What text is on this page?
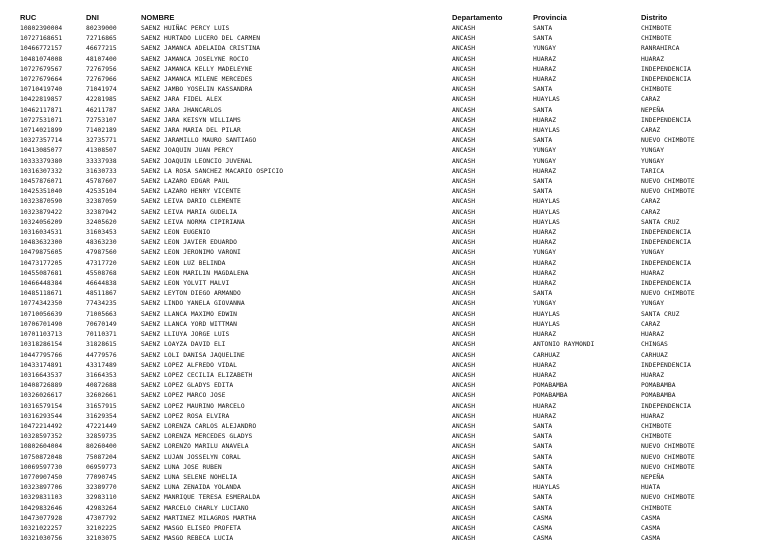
RUC	DNI	NOMBRE	Departamento	Provincia	Distrito
10802390004	80239000	SAENZ HUIÑAC PERCY LUIS	ANCASH	SANTA	CHIMBOTE
10727168651	72716865	SAENZ HURTADO LUCERO DEL CARMEN	ANCASH	SANTA	CHIMBOTE
10466772157	46677215	SAENZ JAMANCA ADELAIDA CRISTINA	ANCASH	YUNGAY	RANRAHIRCA
10481074008	48107400	SAENZ JAMANCA JOSELYNE ROCIO	ANCASH	HUARAZ	HUARAZ
10727679567	72767956	SAENZ JAMANCA KELLY MADELEYNE	ANCASH	HUARAZ	INDEPENDENCIA
10727679664	72767966	SAENZ JAMANCA MILENE MERCEDES	ANCASH	HUARAZ	INDEPENDENCIA
10710419740	71041974	SAENZ JAMBO YOSELIN KASSANDRA	ANCASH	SANTA	CHIMBOTE
10422819857	42281985	SAENZ JARA FIDEL ALEX	ANCASH	HUAYLAS	CARAZ
10462117871	46211787	SAENZ JARA JHANCARLOS	ANCASH	SANTA	NEPEÑA
10727531071	72753107	SAENZ JARA KEISYN WILLIAMS	ANCASH	HUARAZ	INDEPENDENCIA
10714021899	71402189	SAENZ JARA MARIA DEL PILAR	ANCASH	HUAYLAS	CARAZ
10327357714	32735771	SAENZ JARAMILLO MAURO SANTIAGO	ANCASH	SANTA	NUEVO CHIMBOTE
10413085077	41308507	SAENZ JOAQUIN JUAN PERCY	ANCASH	YUNGAY	YUNGAY
10333379380	33337938	SAENZ JOAQUIN LEONCIO JUVENAL	ANCASH	YUNGAY	YUNGAY
10316307332	31630733	SAENZ LA ROSA SANCHEZ MACARIO OSPICIO	ANCASH	HUARAZ	TARICA
10457876071	45787607	SAENZ LAZARO EDGAR PAUL	ANCASH	SANTA	NUEVO CHIMBOTE
10425351040	42535104	SAENZ LAZARO HENRY VICENTE	ANCASH	SANTA	NUEVO CHIMBOTE
10323870590	32387059	SAENZ LEIVA DARIO CLEMENTE	ANCASH	HUAYLAS	CARAZ
10323879422	32387942	SAENZ LEIVA MARIA GUDELIA	ANCASH	HUAYLAS	CARAZ
10324056209	32405620	SAENZ LEIVA NORMA CIPIRIANA	ANCASH	HUAYLAS	SANTA CRUZ
10316034531	31603453	SAENZ LEON EUGENIO	ANCASH	HUARAZ	INDEPENDENCIA
10483632300	48363230	SAENZ LEON JAVIER EDUARDO	ANCASH	HUARAZ	INDEPENDENCIA
10479875605	47987560	SAENZ LEON JERONIMO VARONI	ANCASH	YUNGAY	YUNGAY
10473177205	47317720	SAENZ LEON LUZ BELINDA	ANCASH	HUARAZ	INDEPENDENCIA
10455087681	45508768	SAENZ LEON MARILIN MAGDALENA	ANCASH	HUARAZ	HUARAZ
10466448384	46644838	SAENZ LEON YOLVIT MALVI	ANCASH	HUARAZ	INDEPENDENCIA
10485118671	48511867	SAENZ LEYTON DIEGO ARMANDO	ANCASH	SANTA	NUEVO CHIMBOTE
10774342350	77434235	SAENZ LINDO YANELA GIOVANNA	ANCASH	YUNGAY	YUNGAY
10710056639	71005663	SAENZ LLANCA MAXIMO EDWIN	ANCASH	HUAYLAS	SANTA CRUZ
10706701490	70670149	SAENZ LLANCA YORD WITTMAN	ANCASH	HUAYLAS	CARAZ
10701103713	70110371	SAENZ LLIUYA JORGE LUIS	ANCASH	HUARAZ	HUARAZ
10318286154	31828615	SAENZ LOAYZA DAVID ELI	ANCASH	ANTONIO RAYMONDI	CHINGAS
10447795766	44779576	SAENZ LOLI DANISA JAQUELINE	ANCASH	CARHUAZ	CARHUAZ
10433174891	43317489	SAENZ LOPEZ ALFREDO VIDAL	ANCASH	HUARAZ	INDEPENDENCIA
10316643537	31664353	SAENZ LOPEZ CECILIA ELIZABETH	ANCASH	HUARAZ	HUARAZ
10408726889	40872688	SAENZ LOPEZ GLADYS EDITA	ANCASH	POMABAMBA	POMABAMBA
10326026617	32602661	SAENZ LOPEZ MARCO JOSE	ANCASH	POMABAMBA	POMABAMBA
10316579154	31657915	SAENZ LOPEZ MAURINO MARCELO	ANCASH	HUARAZ	INDEPENDENCIA
10316293544	31629354	SAENZ LOPEZ ROSA ELVIRA	ANCASH	HUARAZ	HUARAZ
10472214492	47221449	SAENZ LORENZA CARLOS ALEJANDRO	ANCASH	SANTA	CHIMBOTE
10328597352	32859735	SAENZ LORENZA MERCEDES GLADYS	ANCASH	SANTA	CHIMBOTE
10802604004	80260400	SAENZ LORENZO MARILU ANAVELA	ANCASH	SANTA	NUEVO CHIMBOTE
10750872048	75087204	SAENZ LUJAN JOSSELYN CORAL	ANCASH	SANTA	NUEVO CHIMBOTE
10069597730	06959773	SAENZ LUNA JOSE RUBEN	ANCASH	SANTA	NUEVO CHIMBOTE
10770907450	77090745	SAENZ LUNA SELENE NOHELIA	ANCASH	SANTA	NEPEÑA
10323897706	32389770	SAENZ LUNA ZENAIDA YOLANDA	ANCASH	HUAYLAS	HUATA
10329831103	32983110	SAENZ MANRIQUE TERESA ESMERALDA	ANCASH	SANTA	NUEVO CHIMBOTE
10429832646	42983264	SAENZ MARCELO CHARLY LUCIANO	ANCASH	SANTA	CHIMBOTE
10473077928	47307792	SAENZ MARTINEZ MILAGROS MARTHA	ANCASH	CASMA	CASMA
10321022257	32102225	SAENZ MASGO ELISEO PROFETA	ANCASH	CASMA	CASMA
10321030756	32103075	SAENZ MASGO REBECA LUCIA	ANCASH	CASMA	CASMA
